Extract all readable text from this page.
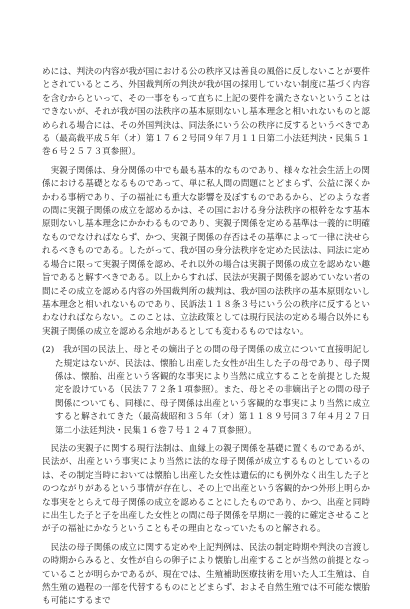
めには、判決の内容が我が国における公の秩序又は善良の風俗に反しないことが要件とされているところ、外国裁判所の判決が我が国の採用していない制度に基づく内容を含むからといって、その一事をもって直ちに上記の要件を満たさないということはできないが、それが我が国の法秩序の基本原則ないし基本理念と相いれないものと認められる場合には、その外国判決は、同法条にいう公の秩序に反するというべきである（最高裁平成５年（オ）第１７６２号同９年７月１１日第二小法廷判決・民集５１巻６号２５７３頁参照）。

実親子関係は、身分関係の中でも最も基本的なものであり、様々な社会生活上の関係における基礎となるものであって、単に私人間の問題にとどまらず、公益に深くかかわる事柄であり、子の福祉にも重大な影響を及ぼすものであるから、どのような者の間に実親子関係の成立を認めるかは、その国における身分法秩序の根幹をなす基本原則ないし基本理念にかかわるものであり、実親子関係を定める基準は一義的に明確なものでなければならず、かつ、実親子関係の存否はその基準によって一律に決せられるべきものである。したがって、我が国の身分法秩序を定めた民法は、同法に定める場合に限って実親子関係を認め、それ以外の場合は実親子関係の成立を認めない趣旨であると解すべきである。以上からすれば、民法が実親子関係を認めていない者の間にその成立を認める内容の外国裁判所の裁判は、我が国の法秩序の基本原則ないし基本理念と相いれないものであり、民訴法１１８条３号にいう公の秩序に反するといわなければならない。このことは、立法政策としては現行民法の定める場合以外にも実親子関係の成立を認める余地があるとしても変わるものではない。

(2)　我が国の民法上、母とその嫡出子との間の母子関係の成立について直接明記した規定はないが、民法は、懐胎し出産した女性が出生した子の母であり、母子関係は、懐胎、出産という客観的な事実により当然に成立することを前提とした規定を設けている（民法７７２条１項参照）。また、母とその非嫡出子との間の母子関係についても、同様に、母子関係は出産という客観的な事実により当然に成立すると解されてきた（最高裁昭和３５年（オ）第１１８９号同３７年４月２７日第二小法廷判決・民集１６巻７号１２４７頁参照）。

民法の実親子に関する現行法制は、血縁上の親子関係を基礎に置くものであるが、民法が、出産という事実により当然に法的な母子関係が成立するものとしているのは、その制定当時においては懐胎し出産した女性は遺伝的にも例外なく出生した子とのつながりがあるという事情が存在し、その上で出産という客観的かつ外形上明らかな事実をとらえて母子関係の成立を認めることにしたものであり、かつ、出産と同時に出生した子と子を出産した女性との間に母子関係を早期に一義的に確定させることが子の福祉にかなうということもその理由となっていたものと解される。

民法の母子関係の成立に関する定めや上記判例は、民法の制定時期や判決の言渡しの時期からみると、女性が自らの卵子により懐胎し出産することが当然の前提となっていることが明らかであるが、現在では、生殖補助医療技術を用いた人工生殖は、自然生殖の過程の一部を代替するものにとどまらず、およそ自然生殖では不可能な懐胎も可能にするまで
